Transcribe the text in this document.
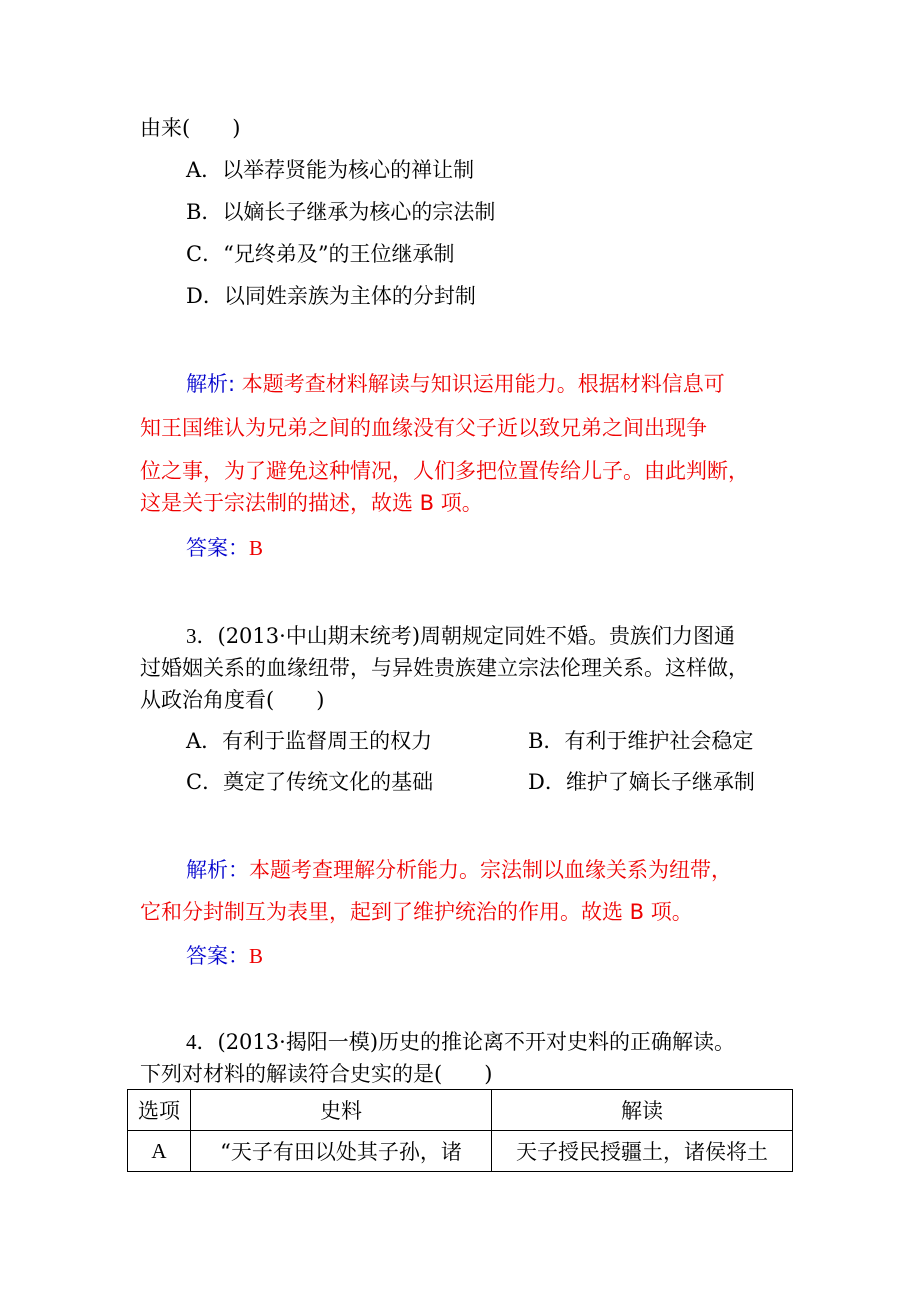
由来(　　)
A．以举荐贤能为核心的禅让制
B．以嫡长子继承为核心的宗法制
C．“兄终弟及”的王位继承制
D．以同姓亲族为主体的分封制
解析: 本题考查材料解读与知识运用能力。根据材料信息可
知王国维认为兄弟之间的血缘没有父子近以致兄弟之间出现争
位之事，为了避免这种情况，人们多把位置传给儿子。由此判断，
这是关于宗法制的描述，故选 B 项。
答案：B
3．(2013·中山期末统考)周朝规定同姓不婚。贵族们力图通
过婚姻关系的血缘纽带，与异姓贵族建立宗法伦理关系。这样做，
从政治角度看(　　)
A．有利于监督周王的权力	B．有利于维护社会稳定
C．奠定了传统文化的基础	D．维护了嫡长子继承制
解析：本题考查理解分析能力。宗法制以血缘关系为纽带，
它和分封制互为表里，起到了维护统治的作用。故选 B 项。
答案：B
4．(2013·揭阳一模)历史的推论离不开对史料的正确解读。
下列对材料的解读符合史实的是(　　)
选项	史料	解读
A	“天子有田以处其子孙，诸	天子授民授疆土，诸侯将土
